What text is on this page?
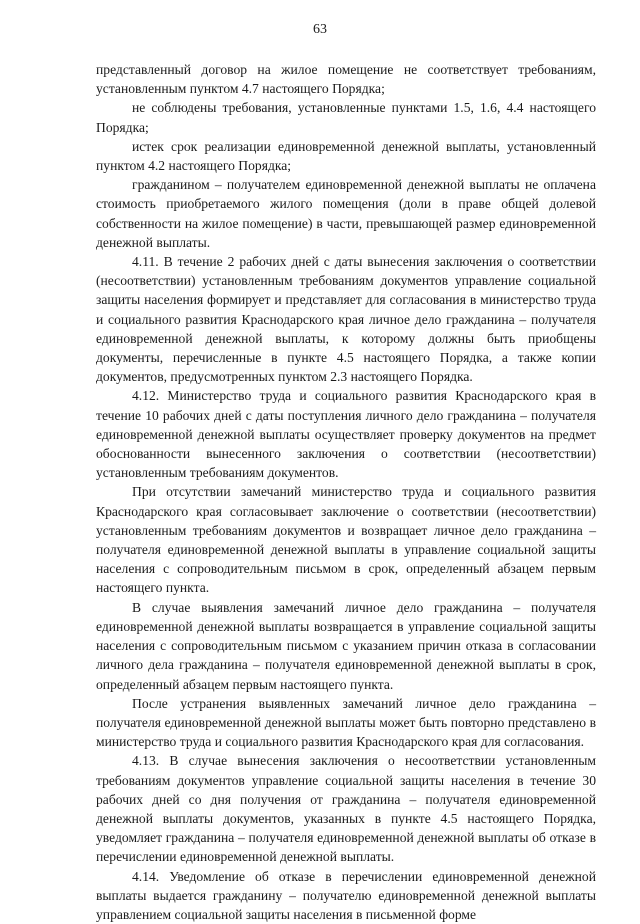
63

представленный договор на жилое помещение не соответствует требованиям, установленным пунктом 4.7 настоящего Порядка;

не соблюдены требования, установленные пунктами 1.5, 1.6, 4.4 настоящего Порядка;

истек срок реализации единовременной денежной выплаты, установленный пунктом 4.2 настоящего Порядка;

гражданином – получателем единовременной денежной выплаты не оплачена стоимость приобретаемого жилого помещения (доли в праве общей долевой собственности на жилое помещение) в части, превышающей размер единовременной денежной выплаты.

4.11. В течение 2 рабочих дней с даты вынесения заключения о соответствии (несоответствии) установленным требованиям документов управление социальной защиты населения формирует и представляет для согласования в министерство труда и социального развития Краснодарского края личное дело гражданина – получателя единовременной денежной выплаты, к которому должны быть приобщены документы, перечисленные в пункте 4.5 настоящего Порядка, а также копии документов, предусмотренных пунктом 2.3 настоящего Порядка.

4.12. Министерство труда и социального развития Краснодарского края в течение 10 рабочих дней с даты поступления личного дело гражданина – получателя единовременной денежной выплаты осуществляет проверку документов на предмет обоснованности вынесенного заключения о соответствии (несоответствии) установленным требованиям документов.

При отсутствии замечаний министерство труда и социального развития Краснодарского края согласовывает заключение о соответствии (несоответствии) установленным требованиям документов и возвращает личное дело гражданина – получателя единовременной денежной выплаты в управление социальной защиты населения с сопроводительным письмом в срок, определенный абзацем первым настоящего пункта.

В случае выявления замечаний личное дело гражданина – получателя единовременной денежной выплаты возвращается в управление социальной защиты населения с сопроводительным письмом с указанием причин отказа в согласовании личного дела гражданина – получателя единовременной денежной выплаты в срок, определенный абзацем первым настоящего пункта.

После устранения выявленных замечаний личное дело гражданина – получателя единовременной денежной выплаты может быть повторно представлено в министерство труда и социального развития Краснодарского края для согласования.

4.13. В случае вынесения заключения о несоответствии установленным требованиям документов управление социальной защиты населения в течение 30 рабочих дней со дня получения от гражданина – получателя единовременной денежной выплаты документов, указанных в пункте 4.5 настоящего Порядка, уведомляет гражданина – получателя единовременной денежной выплаты об отказе в перечислении единовременной денежной выплаты.

4.14. Уведомление об отказе в перечислении единовременной денежной выплаты выдается гражданину – получателю единовременной денежной выплаты управлением социальной защиты населения в письменной форме
